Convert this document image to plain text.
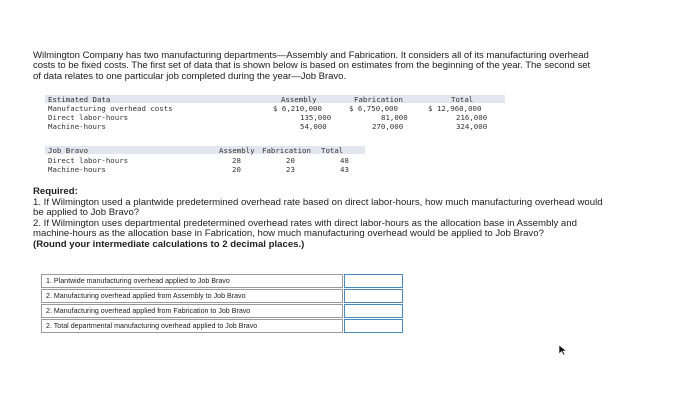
Wilmington Company has two manufacturing departments—Assembly and Fabrication. It considers all of its manufacturing overhead
costs to be fixed costs. The first set of data that is shown below is based on estimates from the beginning of the year. The second set
of data relates to one particular job completed during the year—Job Bravo.
Estimated Data	Assembly	Fabrication	Total
Manufacturing overhead costs	$ 6,210,000	$ 6,750,000	$ 12,960,000
Direct labor-hours	135,000	81,000	216,000
Machine-hours	54,000	270,000	324,000
Job Bravo	Assembly Fabrication Total
Direct labor-hours	28	20	48
Machine-hours	20	23	43
Required:
1. If Wilmington used a plantwide predetermined overhead rate based on direct labor-hours, how much manufacturing overhead would
be applied to Job Bravo?
2. If Wilmington uses departmental predetermined overhead rates with direct labor-hours as the allocation base in Assembly and
machine-hours as the allocation base in Fabrication, how much manufacturing overhead would be applied to Job Bravo?
(Round your intermediate calculations to 2 decimal places.)
1. Plantwide manufacturing overhead applied to Job Bravo
2. Manufacturing overhead applied from Assembly to Job Bravo
2. Manufacturing overhead applied from Fabrication to Job Bravo
2. Total departmental manufacturing overhead applied to Job Bravo
